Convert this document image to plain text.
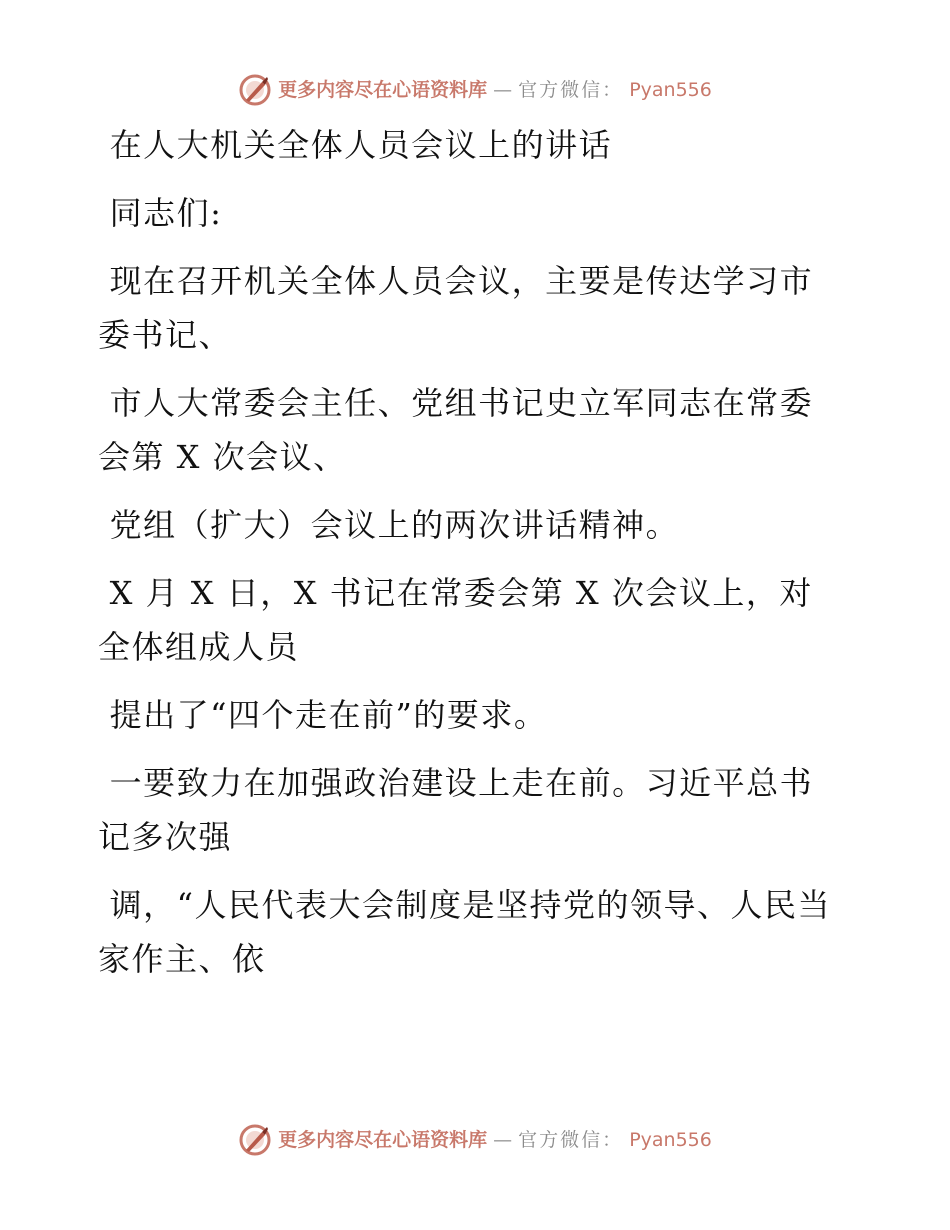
更多内容尽在心语资料库 — 官方微信： Pyan556

在人大机关全体人员会议上的讲话

同志们:

现在召开机关全体人员会议，主要是传达学习市委书记、

市人大常委会主任、党组书记史立军同志在常委会第 X 次会议、

党组（扩大）会议上的两次讲话精神。

X 月 X 日，X 书记在常委会第 X 次会议上，对全体组成人员

提出了“四个走在前”的要求。

一要致力在加强政治建设上走在前。习近平总书记多次强

调，“人民代表大会制度是坚持党的领导、人民当家作主、依

更多内容尽在心语资料库 — 官方微信： Pyan556
